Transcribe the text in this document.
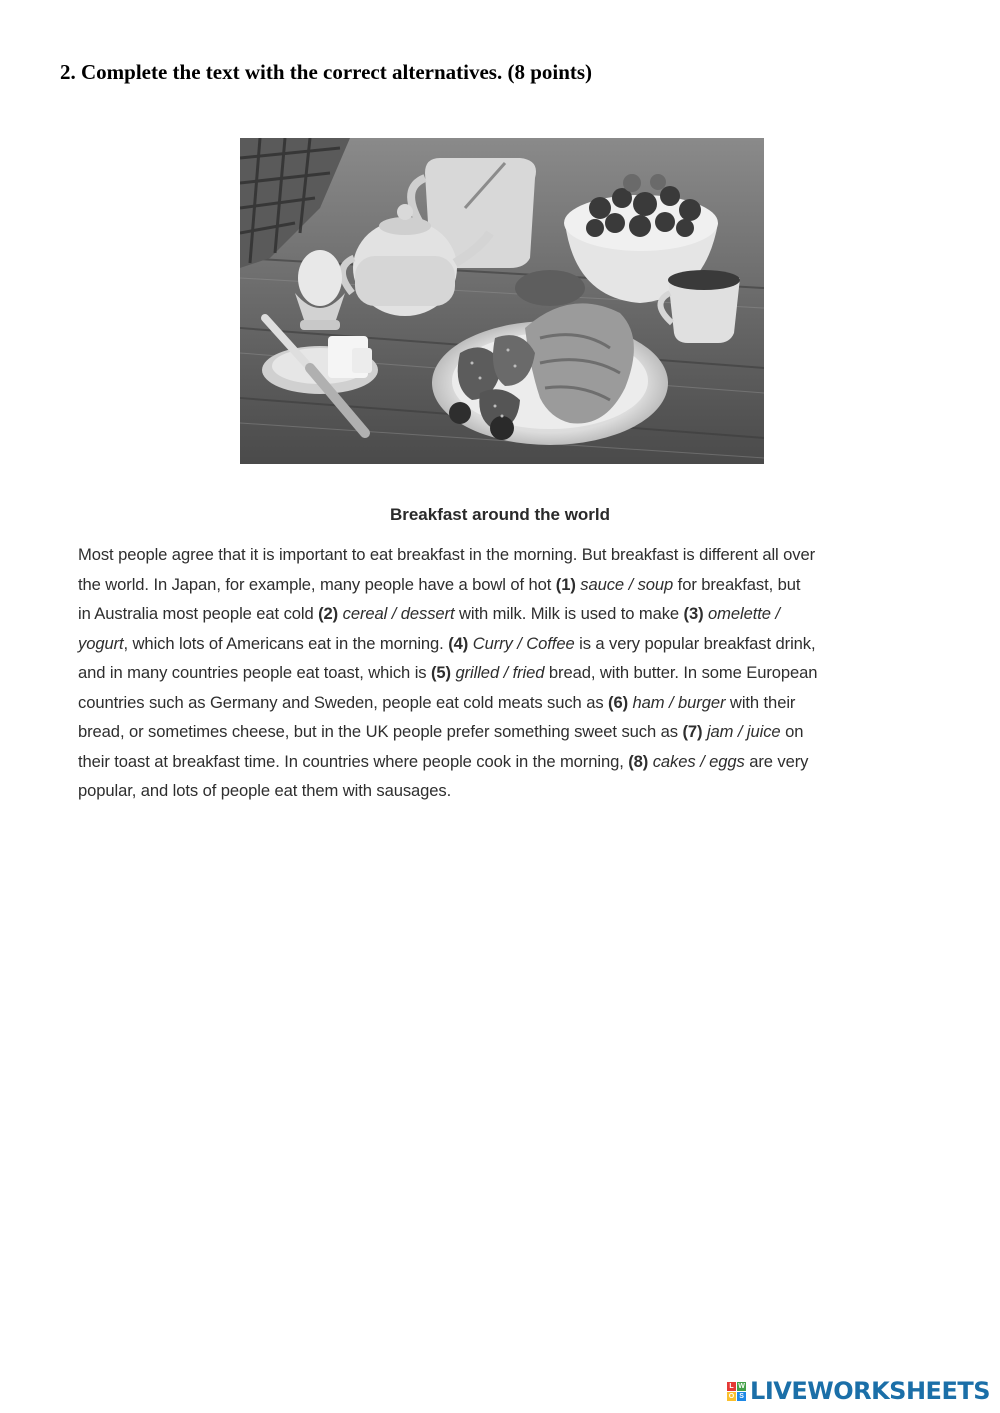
2. Complete the text with the correct alternatives. (8 points)
Breakfast around the world

Most people agree that it is important to eat breakfast in the morning. But breakfast is different all over
the world. In Japan, for example, many people have a bowl of hot (1) sauce / soup for breakfast, but
in Australia most people eat cold (2) cereal / dessert with milk. Milk is used to make (3) omelette /
yogurt, which lots of Americans eat in the morning. (4) Curry / Coffee is a very popular breakfast drink,
and in many countries people eat toast, which is (5) grilled / fried bread, with butter. In some European
countries such as Germany and Sweden, people eat cold meats such as (6) ham / burger with their
bread, or sometimes cheese, but in the UK people prefer something sweet such as (7) jam / juice on
their toast at breakfast time. In countries where people cook in the morning, (8) cakes / eggs are very
popular, and lots of people eat them with sausages.

L W
O S LIVEWORKSHEETS
